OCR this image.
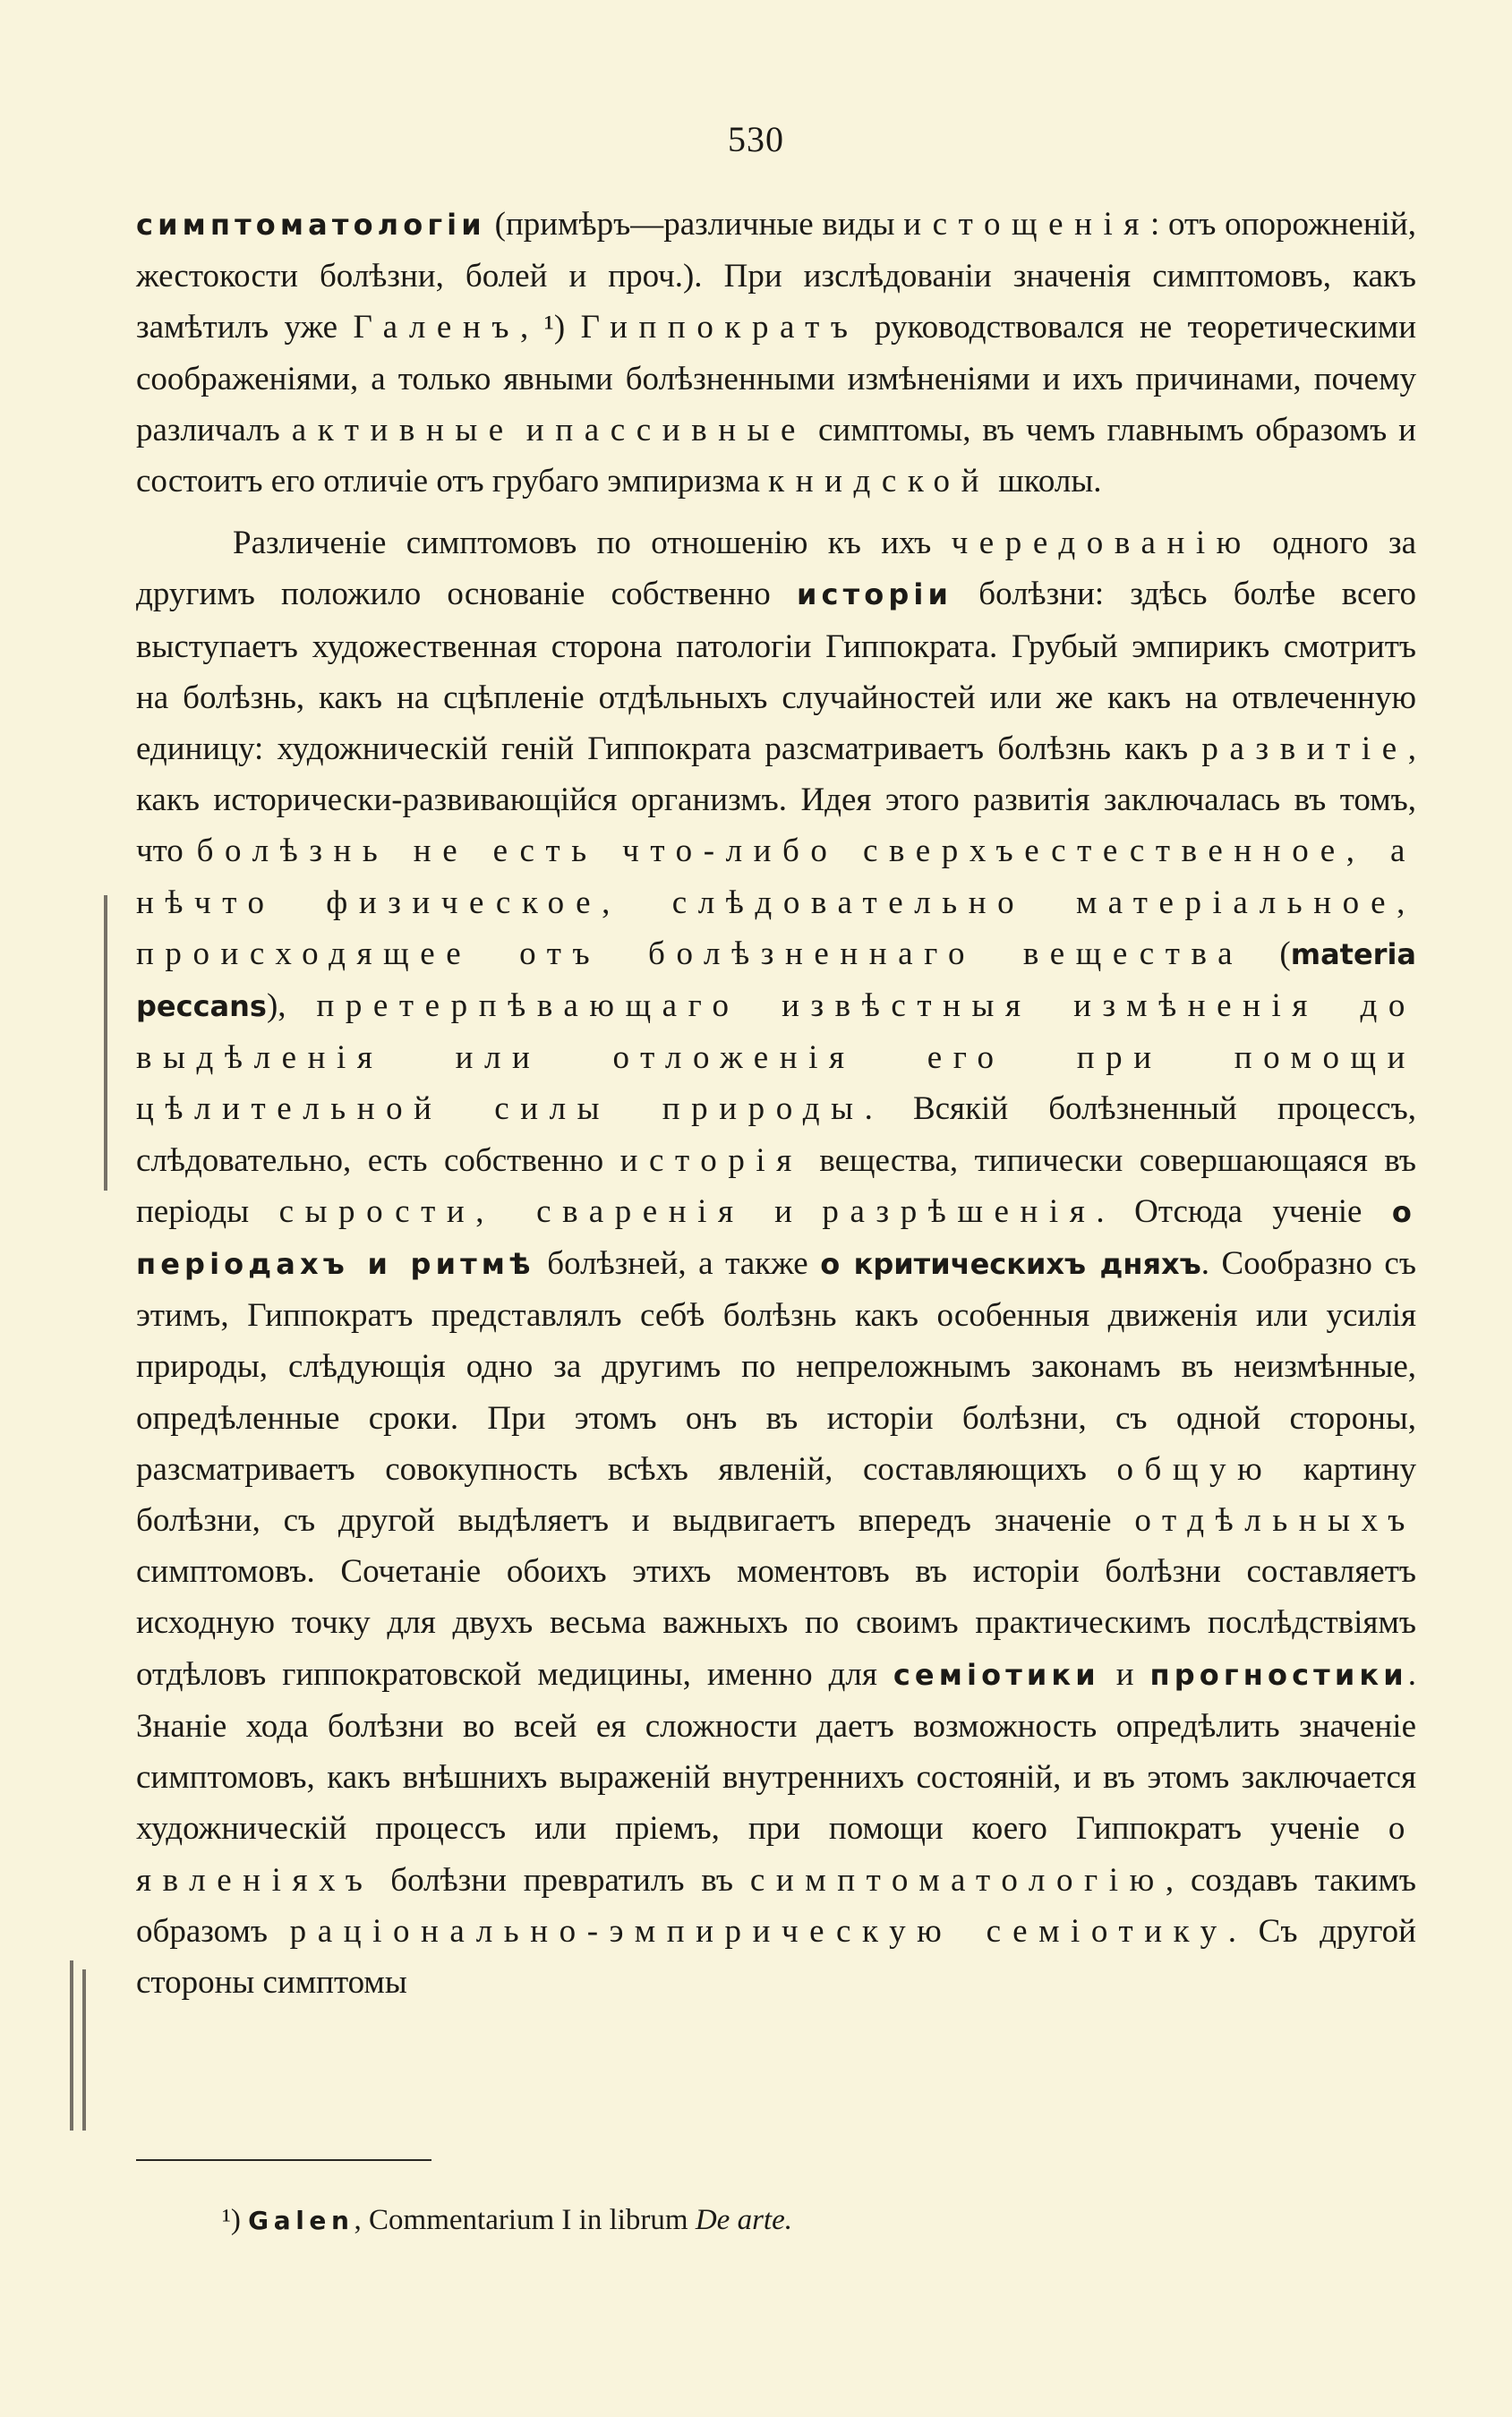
530

симптоматологіи (примѣръ—различные виды истощенія: отъ опорожненій, жестокости болѣзни, болей и проч.). При изслѣдованіи значенія симптомовъ, какъ замѣтилъ уже Галенъ, ¹) Гиппократъ руководствовался не теоретическими соображеніями, а только явными болѣзненными измѣненіями и ихъ причинами, почему различалъ активные и пассивные симптомы, въ чемъ главнымъ образомъ и состоитъ его отличіе отъ грубаго эмпиризма книдской школы.

Различеніе симптомовъ по отношенію къ ихъ чередованію одного за другимъ положило основаніе собственно исторіи болѣзни: здѣсь болѣе всего выступаетъ художественная сторона патологіи Гиппократа. Грубый эмпирикъ смотритъ на болѣзнь, какъ на сцѣпленіе отдѣльныхъ случайностей или же какъ на отвлеченную единицу: художническій геній Гиппократа разсматриваетъ болѣзнь какъ развитіе, какъ исторически-развивающійся организмъ. Идея этого развитія заключалась въ томъ, что болѣзнь не есть что-либо сверхъестественное, а нѣчто физическое, слѣдовательно матеріальное, происходящее отъ болѣзненнаго вещества (materia peccans), претерпѣвающаго извѣстныя измѣненія до выдѣленія или отложенія его при помощи цѣлительной силы природы. Всякій болѣзненный процессъ, слѣдовательно, есть собственно исторія вещества, типически совершающаяся въ періоды сырости, сваренія и разрѣшенія. Отсюда ученіе о періодахъ и ритмѣ болѣзней, а также о критическихъ дняхъ. Сообразно съ этимъ, Гиппократъ представлялъ себѣ болѣзнь какъ особенныя движенія или усилія природы, слѣдующія одно за другимъ по непреложнымъ законамъ въ неизмѣнные, опредѣленные сроки. При этомъ онъ въ исторіи болѣзни, съ одной стороны, разсматриваетъ совокупность всѣхъ явленій, составляющихъ общую картину болѣзни, съ другой выдѣляетъ и выдвигаетъ впередъ значеніе отдѣльныхъ симптомовъ. Сочетаніе обоихъ этихъ моментовъ въ исторіи болѣзни составляетъ исходную точку для двухъ весьма важныхъ по своимъ практическимъ послѣдствіямъ отдѣловъ гиппократовской медицины, именно для семіотики и прогностики. Знаніе хода болѣзни во всей ея сложности даетъ возможность опредѣлить значеніе симптомовъ, какъ внѣшнихъ выраженій внутреннихъ состояній, и въ этомъ заключается художническій процессъ или пріемъ, при помощи коего Гиппократъ ученіе о явленіяхъ болѣзни превратилъ въ симптоматологію, создавъ такимъ образомъ раціонально-эмпирическую семіотику. Съ другой стороны симптомы

¹) Galen, Commentarium I in librum De arte.
